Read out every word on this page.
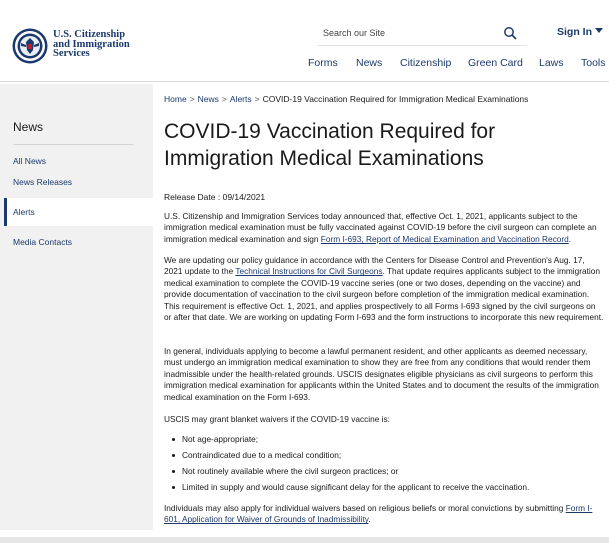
U.S. Citizenship
and Immigration
Services
Search our Site
Sign In
Forms News Citizenship Green Card Laws Tools
News
All News
News Releases
Alerts
Media Contacts
Home > News > Alerts > COVID-19 Vaccination Required for Immigration Medical Examinations
COVID-19 Vaccination Required for Immigration Medical Examinations
Release Date : 09/14/2021
U.S. Citizenship and Immigration Services today announced that, effective Oct. 1, 2021, applicants subject to the immigration medical examination must be fully vaccinated against COVID-19 before the civil surgeon can complete an immigration medical examination and sign Form I-693, Report of Medical Examination and Vaccination Record.
We are updating our policy guidance in accordance with the Centers for Disease Control and Prevention's Aug. 17, 2021 update to the Technical Instructions for Civil Surgeons. That update requires applicants subject to the immigration medical examination to complete the COVID-19 vaccine series (one or two doses, depending on the vaccine) and provide documentation of vaccination to the civil surgeon before completion of the immigration medical examination. This requirement is effective Oct. 1, 2021, and applies prospectively to all Forms I-693 signed by the civil surgeons on or after that date. We are working on updating Form I-693 and the form instructions to incorporate this new requirement.
In general, individuals applying to become a lawful permanent resident, and other applicants as deemed necessary, must undergo an immigration medical examination to show they are free from any conditions that would render them inadmissible under the health-related grounds. USCIS designates eligible physicians as civil surgeons to perform this immigration medical examination for applicants within the United States and to document the results of the immigration medical examination on the Form I-693.
USCIS may grant blanket waivers if the COVID-19 vaccine is:
Not age-appropriate;
Contraindicated due to a medical condition;
Not routinely available where the civil surgeon practices; or
Limited in supply and would cause significant delay for the applicant to receive the vaccination.
Individuals may also apply for individual waivers based on religious beliefs or moral convictions by submitting Form I-601, Application for Waiver of Grounds of Inadmissibility.
